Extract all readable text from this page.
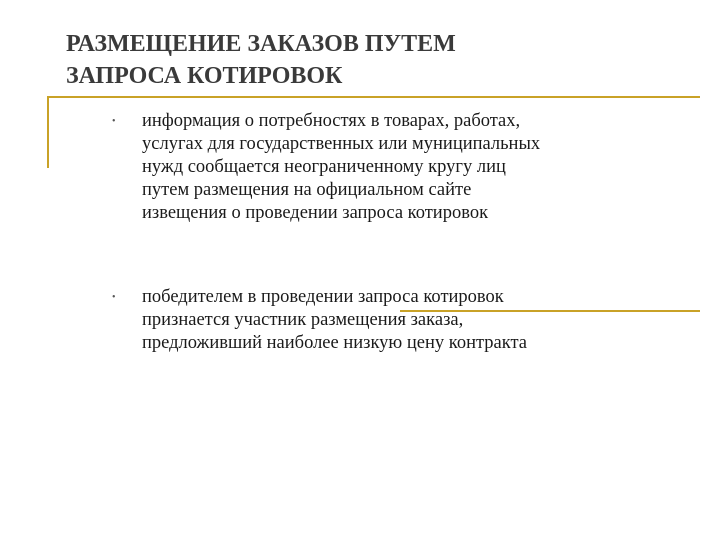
РАЗМЕЩЕНИЕ ЗАКАЗОВ ПУТЕМ
ЗАПРОСА КОТИРОВОК
• информация о потребностях в товарах, работах,
услугах для государственных или муниципальных
нужд сообщается неограниченному кругу лиц
путем размещения на официальном сайте
извещения о проведении запроса котировок
• победителем в проведении запроса котировок
признается участник размещения заказа,
предложивший наиболее низкую цену контракта
